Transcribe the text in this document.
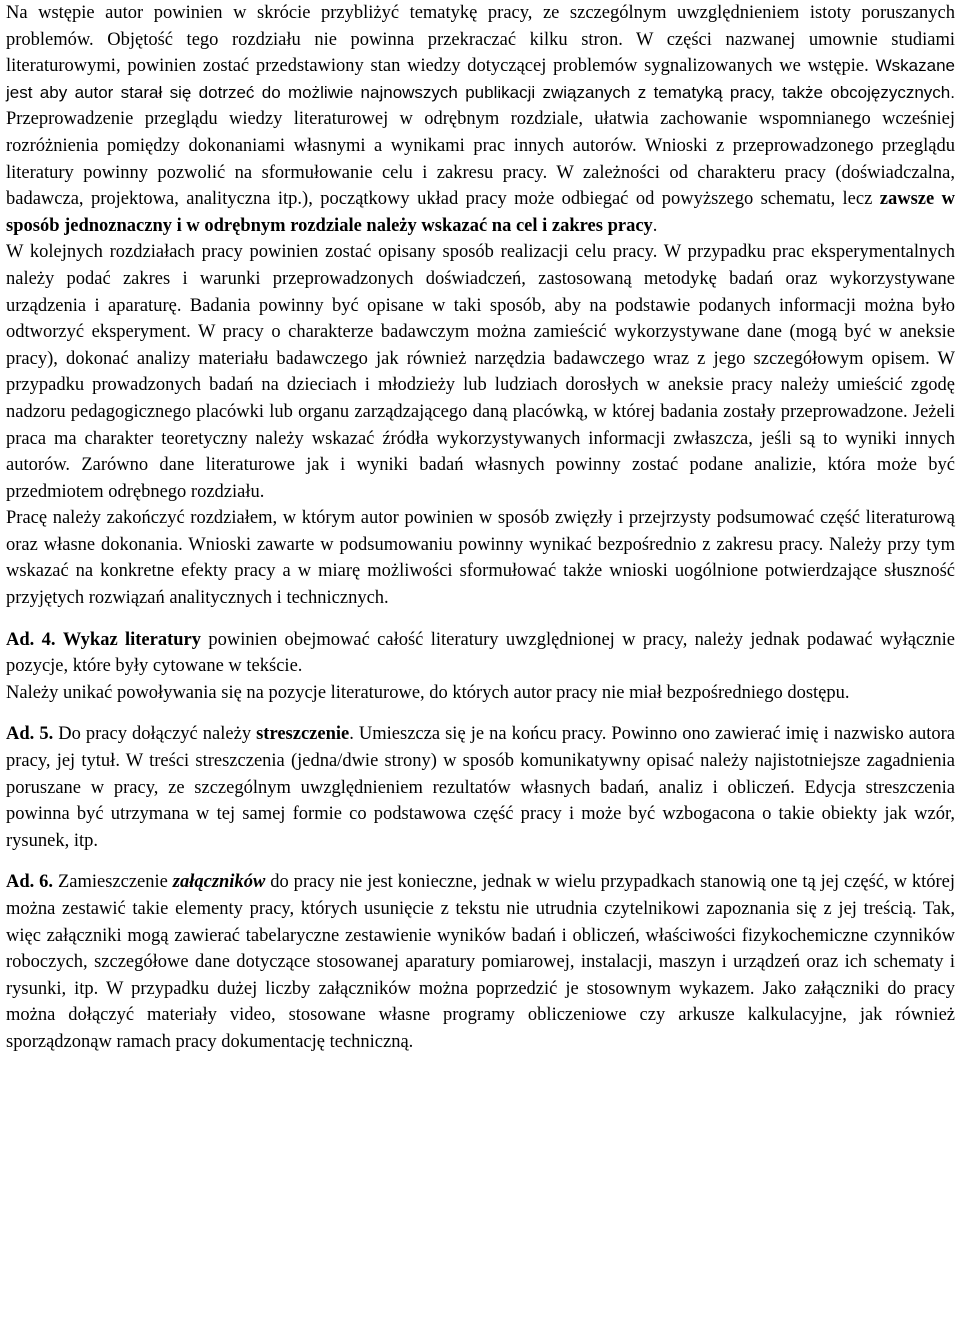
Na wstępie autor powinien w skrócie przybliżyć tematykę pracy, ze szczególnym uwzględnieniem istoty poruszanych problemów. Objętość tego rozdziału nie powinna przekraczać kilku stron. W części nazwanej umownie studiami literaturowymi, powinien zostać przedstawiony stan wiedzy dotyczącej problemów sygnalizowanych we wstępie. Wskazane jest aby autor starał się dotrzeć do możliwie najnowszych publikacji związanych z tematyką pracy, także obcojęzycznych. Przeprowadzenie przeglądu wiedzy literaturowej w odrębnym rozdziale, ułatwia zachowanie wspomnianego wcześniej rozróżnienia pomiędzy dokonaniami własnymi a wynikami prac innych autorów. Wnioski z przeprowadzonego przeglądu literatury powinny pozwolić na sformułowanie celu i zakresu pracy. W zależności od charakteru pracy (doświadczalna, badawcza, projektowa, analityczna itp.), początkowy układ pracy może odbiegać od powyższego schematu, lecz zawsze w sposób jednoznaczny i w odrębnym rozdziale należy wskazać na cel i zakres pracy.

W kolejnych rozdziałach pracy powinien zostać opisany sposób realizacji celu pracy. W przypadku prac eksperymentalnych należy podać zakres i warunki przeprowadzonych doświadczeń, zastosowaną metodykę badań oraz wykorzystywane urządzenia i aparaturę. Badania powinny być opisane w taki sposób, aby na podstawie podanych informacji można było odtworzyć eksperyment. W pracy o charakterze badawczym można zamieścić wykorzystywane dane (mogą być w aneksie pracy), dokonać analizy materiału badawczego jak również narzędzia badawczego wraz z jego szczegółowym opisem. W przypadku prowadzonych badań na dzieciach i młodzieży lub ludziach dorosłych w aneksie pracy należy umieścić zgodę nadzoru pedagogicznego placówki lub organu zarządzającego daną placówką, w której badania zostały przeprowadzone. Jeżeli praca ma charakter teoretyczny należy wskazać źródła wykorzystywanych informacji zwłaszcza, jeśli są to wyniki innych autorów. Zarówno dane literaturowe jak i wyniki badań własnych powinny zostać podane analizie, która może być przedmiotem odrębnego rozdziału.

Pracę należy zakończyć rozdziałem, w którym autor powinien w sposób zwięzły i przejrzysty podsumować część literaturową oraz własne dokonania. Wnioski zawarte w podsumowaniu powinny wynikać bezpośrednio z zakresu pracy. Należy przy tym wskazać na konkretne efekty pracy a w miarę możliwości sformułować także wnioski uogólnione potwierdzające słuszność przyjętych rozwiązań analitycznych i technicznych.

Ad. 4. Wykaz literatury powinien obejmować całość literatury uwzględnionej w pracy, należy jednak podawać wyłącznie pozycje, które były cytowane w tekście.

Należy unikać powoływania się na pozycje literaturowe, do których autor pracy nie miał bezpośredniego dostępu.

Ad. 5. Do pracy dołączyć należy streszczenie. Umieszcza się je na końcu pracy. Powinno ono zawierać imię i nazwisko autora pracy, jej tytuł. W treści streszczenia (jedna/dwie strony) w sposób komunikatywny opisać należy najistotniejsze zagadnienia poruszane w pracy, ze szczególnym uwzględnieniem rezultatów własnych badań, analiz i obliczeń. Edycja streszczenia powinna być utrzymana w tej samej formie co podstawowa część pracy i może być wzbogacona o takie obiekty jak wzór, rysunek, itp.

Ad. 6. Zamieszczenie załączników do pracy nie jest konieczne, jednak w wielu przypadkach stanowią one tą jej część, w której można zestawić takie elementy pracy, których usunięcie z tekstu nie utrudnia czytelnikowi zapoznania się z jej treścią. Tak, więc załączniki mogą zawierać tabelaryczne zestawienie wyników badań i obliczeń, właściwości fizykochemiczne czynników roboczych, szczegółowe dane dotyczące stosowanej aparatury pomiarowej, instalacji, maszyn i urządzeń oraz ich schematy i rysunki, itp. W przypadku dużej liczby załączników można poprzedzić je stosownym wykazem. Jako załączniki do pracy można dołączyć materiały video, stosowane własne programy obliczeniowe czy arkusze kalkulacyjne, jak również sporządzonąw ramach pracy dokumentację techniczną.
